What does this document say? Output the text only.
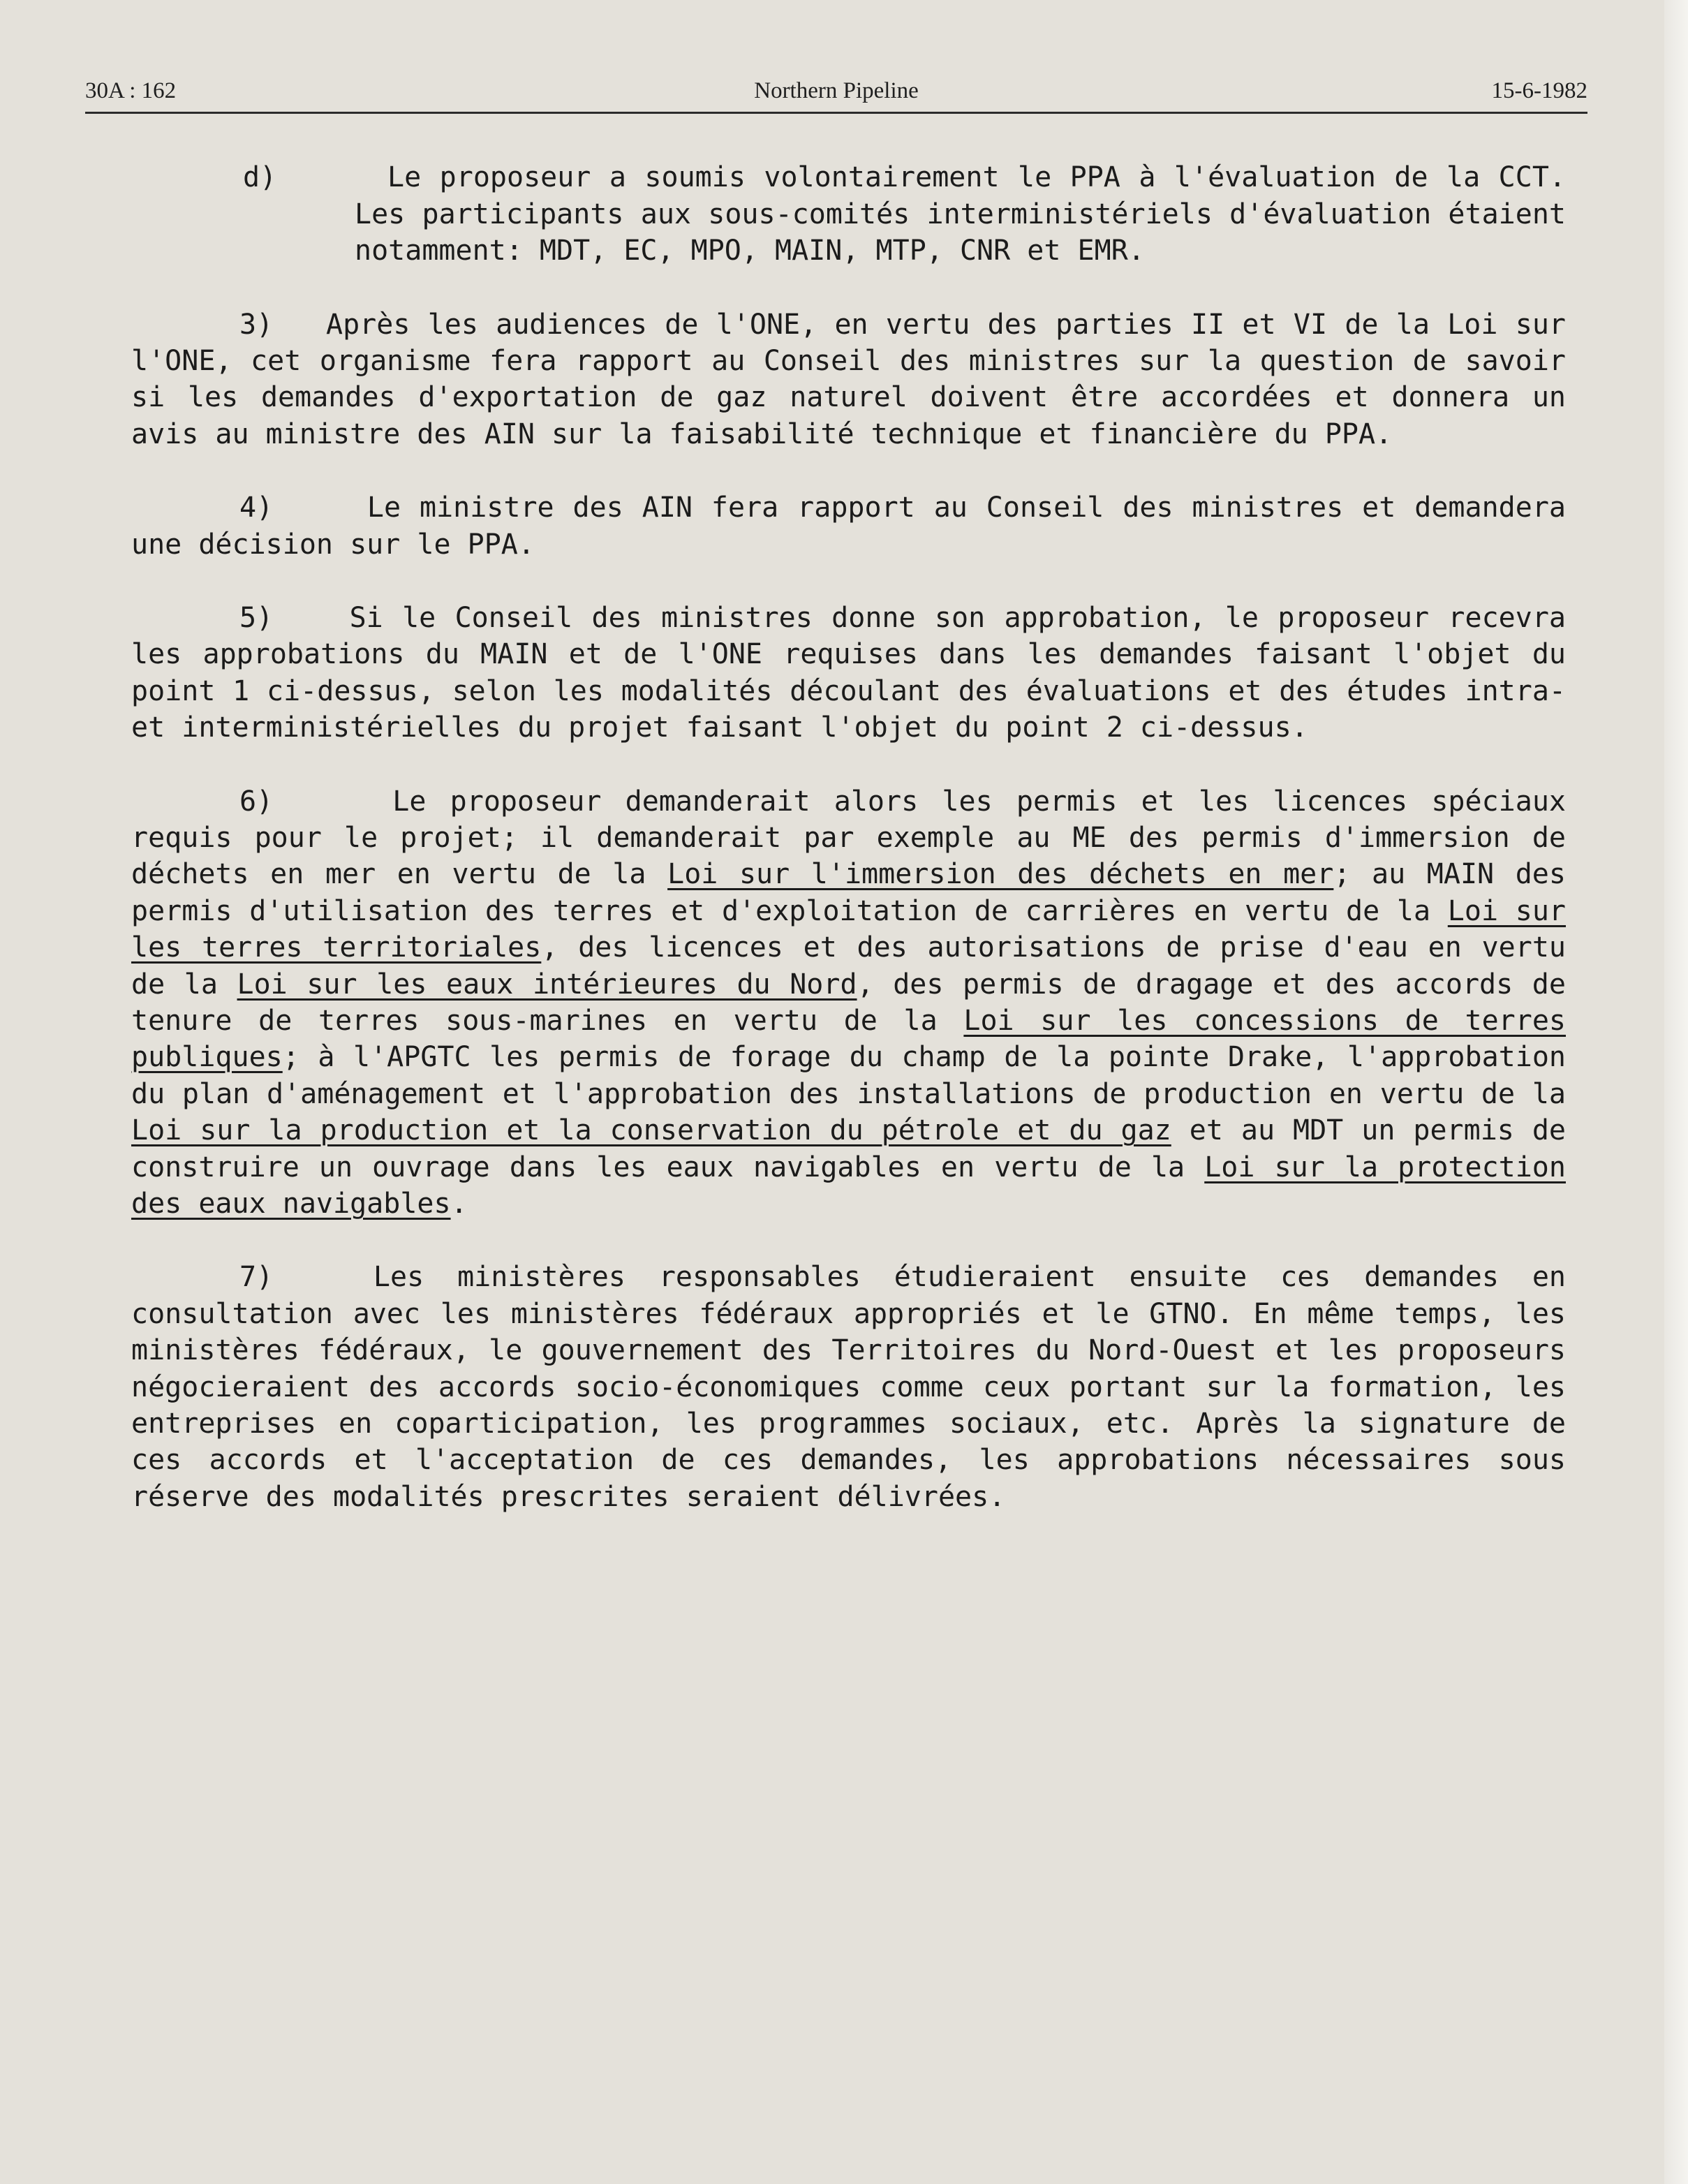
30A : 162	Northern Pipeline	15-6-1982

d)	Le proposeur a soumis volontairement le PPA à l'évaluation de la CCT. Les participants aux sous-comités interministériels d'évaluation étaient notamment: MDT, EC, MPO, MAIN, MTP, CNR et EMR.

3) Après les audiences de l'ONE, en vertu des parties II et VI de la Loi sur l'ONE, cet organisme fera rapport au Conseil des ministres sur la question de savoir si les demandes d'exportation de gaz naturel doivent être accordées et donnera un avis au ministre des AIN sur la faisabilité technique et financière du PPA.

4)	Le ministre des AIN fera rapport au Conseil des ministres et demandera une décision sur le PPA.

5)	Si le Conseil des ministres donne son approbation, le proposeur recevra les approbations du MAIN et de l'ONE requises dans les demandes faisant l'objet du point 1 ci-dessus, selon les modalités découlant des évaluations et des études intra- et interministérielles du projet faisant l'objet du point 2 ci-dessus.

6)	Le proposeur demanderait alors les permis et les licences spéciaux requis pour le projet; il demanderait par exemple au ME des permis d'immersion de déchets en mer en vertu de la Loi sur l'immersion des déchets en mer; au MAIN des permis d'utilisation des terres et d'exploitation de carrières en vertu de la Loi sur les terres territoriales, des licences et des autorisations de prise d'eau en vertu de la Loi sur les eaux intérieures du Nord, des permis de dragage et des accords de tenure de terres sous-marines en vertu de la Loi sur les concessions de terres publiques; à l'APGTC les permis de forage du champ de la pointe Drake, l'approbation du plan d'aménagement et l'approbation des installations de production en vertu de la Loi sur la production et la conservation du pétrole et du gaz et au MDT un permis de construire un ouvrage dans les eaux navigables en vertu de la Loi sur la protection des eaux navigables.

7)	Les ministères responsables étudieraient ensuite ces demandes en consultation avec les ministères fédéraux appropriés et le GTNO. En même temps, les ministères fédéraux, le gouvernement des Territoires du Nord-Ouest et les proposeurs négocieraient des accords socio-économiques comme ceux portant sur la formation, les entreprises en coparticipation, les programmes sociaux, etc. Après la signature de ces accords et l'acceptation de ces demandes, les approbations nécessaires sous réserve des modalités prescrites seraient délivrées.
